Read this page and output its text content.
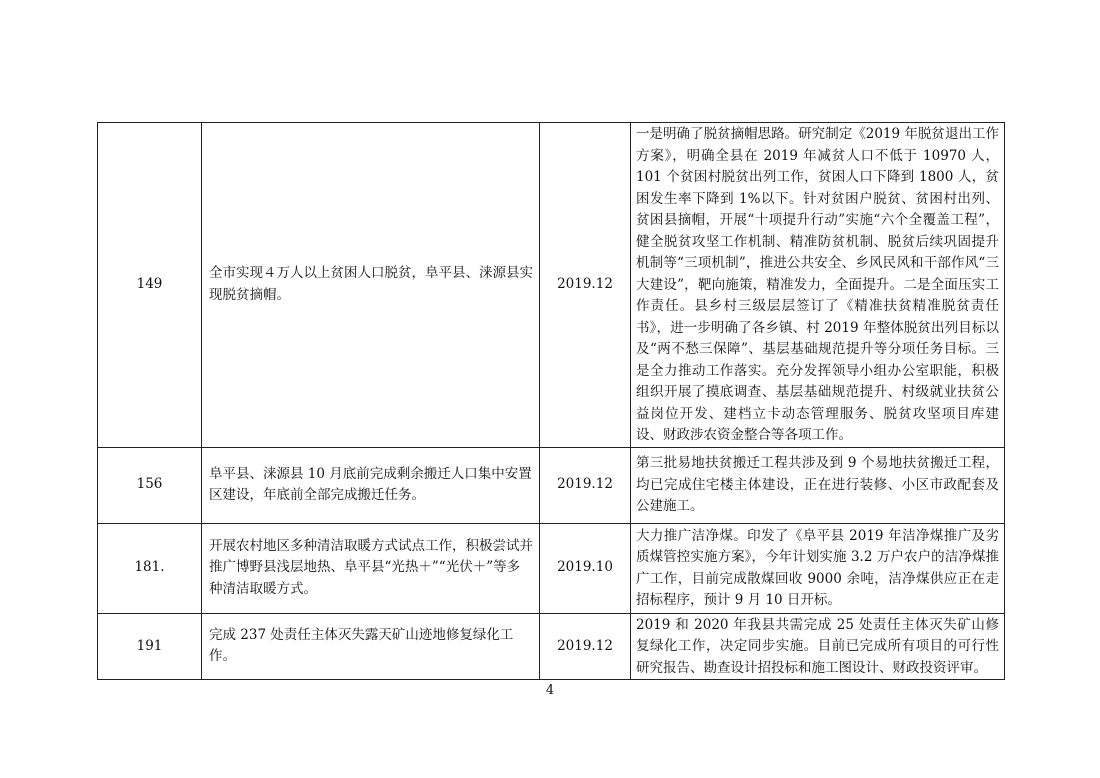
149	全市实现４万人以上贫困人口脱贫，阜平县、涞源县实现脱贫摘帽。	2019.12	一是明确了脱贫摘帽思路。研究制定《2019 年脱贫退出工作方案》，明确全县在 2019 年减贫人口不低于 10970 人，101 个贫困村脱贫出列工作，贫困人口下降到 1800 人，贫困发生率下降到 1%以下。针对贫困户脱贫、贫困村出列、贫困县摘帽，开展“十项提升行动”实施“六个全覆盖工程”，健全脱贫攻坚工作机制、精准防贫机制、脱贫后续巩固提升机制等“三项机制”，推进公共安全、乡风民风和干部作风“三大建设”，靶向施策，精准发力，全面提升。二是全面压实工作责任。县乡村三级层层签订了《精准扶贫精准脱贫责任书》，进一步明确了各乡镇、村 2019 年整体脱贫出列目标以及“两不愁三保障”、基层基础规范提升等分项任务目标。三是全力推动工作落实。充分发挥领导小组办公室职能，积极组织开展了摸底调查、基层基础规范提升、村级就业扶贫公益岗位开发、建档立卡动态管理服务、脱贫攻坚项目库建设、财政涉农资金整合等各项工作。
156	阜平县、涞源县 10 月底前完成剩余搬迁人口集中安置区建设，年底前全部完成搬迁任务。	2019.12	第三批易地扶贫搬迁工程共涉及到 9 个易地扶贫搬迁工程，均已完成住宅楼主体建设，正在进行装修、小区市政配套及公建施工。
181.	开展农村地区多种清洁取暖方式试点工作，积极尝试并推广博野县浅层地热、阜平县“光热＋”“光伏＋”等多种清洁取暖方式。	2019.10	大力推广洁净煤。印发了《阜平县 2019 年洁净煤推广及劣质煤管控实施方案》，今年计划实施 3.2 万户农户的洁净煤推广工作，目前完成散煤回收 9000 余吨，洁净煤供应正在走招标程序，预计 9 月 10 日开标。
191	完成 237 处责任主体灭失露天矿山迹地修复绿化工作。	2019.12	2019 和 2020 年我县共需完成 25 处责任主体灭失矿山修复绿化工作，决定同步实施。目前已完成所有项目的可行性研究报告、勘查设计招投标和施工图设计、财政投资评审。
4
